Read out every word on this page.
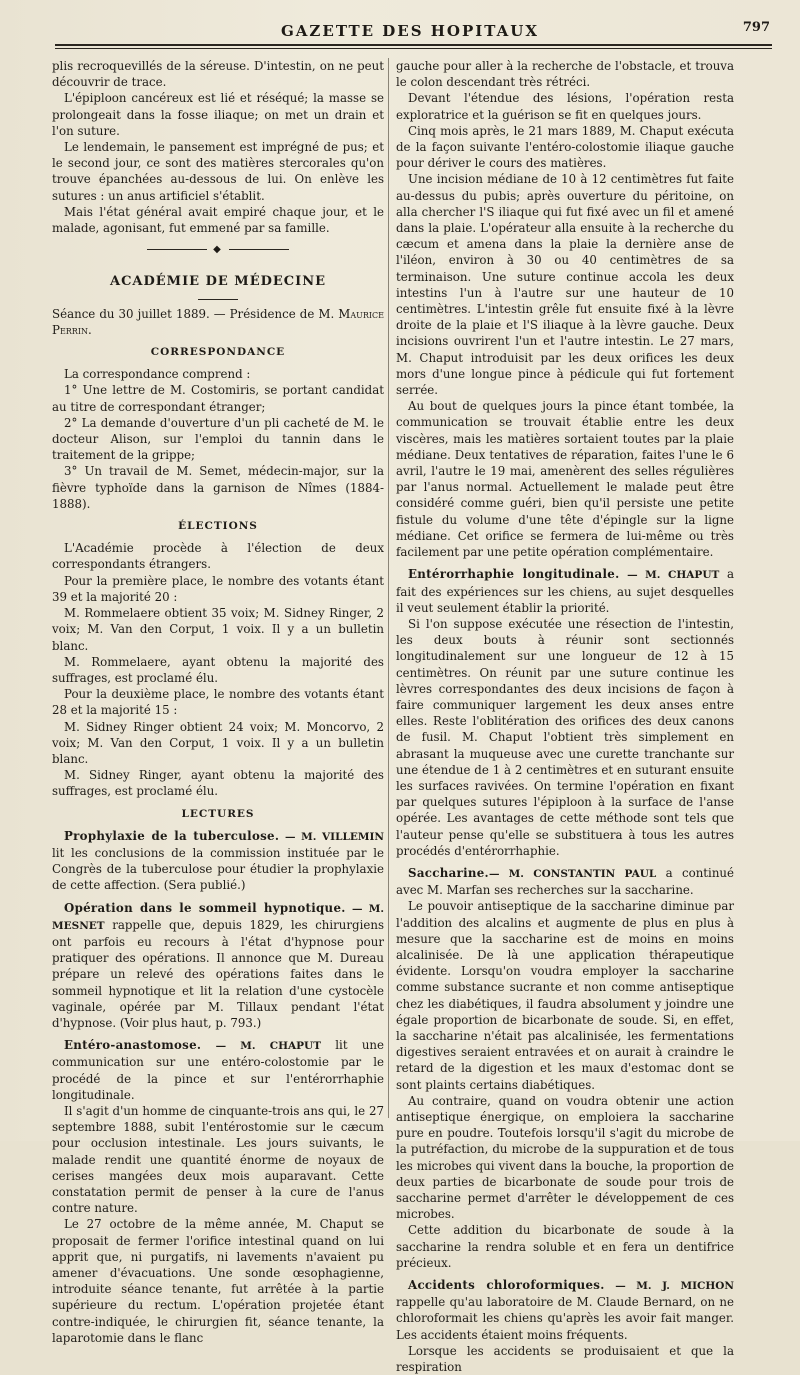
GAZETTE DES HOPITAUX	797

plis recroquevillés de la séreuse. D'intestin, on ne peut découvrir de trace.

L'épiploon cancéreux est lié et réséqué; la masse se prolongeait dans la fosse iliaque; on met un drain et l'on suture.

Le lendemain, le pansement est imprégné de pus; et le second jour, ce sont des matières stercorales qu'on trouve épanchées au-dessous de lui. On enlève les sutures : un anus artificiel s'établit.

Mais l'état général avait empiré chaque jour, et le malade, agonisant, fut emmené par sa famille.

◆
ACADÉMIE DE MÉDECINE

Séance du 30 juillet 1889. — Présidence de M. Maurice Perrin.

CORRESPONDANCE

La correspondance comprend :

1° Une lettre de M. Costomiris, se portant candidat au titre de correspondant étranger;

2° La demande d'ouverture d'un pli cacheté de M. le docteur Alison, sur l'emploi du tannin dans le traitement de la grippe;

3° Un travail de M. Semet, médecin-major, sur la fièvre typhoïde dans la garnison de Nîmes (1884-1888).

ÉLECTIONS

L'Académie procède à l'élection de deux correspondants étrangers.

Pour la première place, le nombre des votants étant 39 et la majorité 20 :

M. Rommelaere obtient 35 voix; M. Sidney Ringer, 2 voix; M. Van den Corput, 1 voix. Il y a un bulletin blanc.

M. Rommelaere, ayant obtenu la majorité des suffrages, est proclamé élu.

Pour la deuxième place, le nombre des votants étant 28 et la majorité 15 :

M. Sidney Ringer obtient 24 voix; M. Moncorvo, 2 voix; M. Van den Corput, 1 voix. Il y a un bulletin blanc.

M. Sidney Ringer, ayant obtenu la majorité des suffrages, est proclamé élu.

LECTURES

Prophylaxie de la tuberculose. — M. VILLEMIN lit les conclusions de la commission instituée par le Congrès de la tuberculose pour étudier la prophylaxie de cette affection. (Sera publié.)

Opération dans le sommeil hypnotique. — M. MESNET rappelle que, depuis 1829, les chirurgiens ont parfois eu recours à l'état d'hypnose pour pratiquer des opérations. Il annonce que M. Dureau prépare un relevé des opérations faites dans le sommeil hypnotique et lit la relation d'une cystocèle vaginale, opérée par M. Tillaux pendant l'état d'hypnose. (Voir plus haut, p. 793.)

Entéro-anastomose. — M. CHAPUT lit une communication sur une entéro-colostomie par le procédé de la pince et sur l'entérorrhaphie longitudinale.

Il s'agit d'un homme de cinquante-trois ans qui, le 27 septembre 1888, subit l'entérostomie sur le cæcum pour occlusion intestinale. Les jours suivants, le malade rendit une quantité énorme de noyaux de cerises mangées deux mois auparavant. Cette constatation permit de penser à la cure de l'anus contre nature.

Le 27 octobre de la même année, M. Chaput se proposait de fermer l'orifice intestinal quand on lui apprit que, ni purgatifs, ni lavements n'avaient pu amener d'évacuations. Une sonde œsophagienne, introduite séance tenante, fut arrêtée à la partie supérieure du rectum. L'opération projetée étant contre-indiquée, le chirurgien fit, séance tenante, la laparotomie dans le flanc

gauche pour aller à la recherche de l'obstacle, et trouva le colon descendant très rétréci.

Devant l'étendue des lésions, l'opération resta exploratrice et la guérison se fit en quelques jours.

Cinq mois après, le 21 mars 1889, M. Chaput exécuta de la façon suivante l'entéro-colostomie iliaque gauche pour dériver le cours des matières.

Une incision médiane de 10 à 12 centimètres fut faite au-dessus du pubis; après ouverture du péritoine, on alla chercher l'S iliaque qui fut fixé avec un fil et amené dans la plaie. L'opérateur alla ensuite à la recherche du cæcum et amena dans la plaie la dernière anse de l'iléon, environ à 30 ou 40 centimètres de sa terminaison. Une suture continue accola les deux intestins l'un à l'autre sur une hauteur de 10 centimètres. L'intestin grêle fut ensuite fixé à la lèvre droite de la plaie et l'S iliaque à la lèvre gauche. Deux incisions ouvrirent l'un et l'autre intestin. Le 27 mars, M. Chaput introduisit par les deux orifices les deux mors d'une longue pince à pédicule qui fut fortement serrée.

Au bout de quelques jours la pince étant tombée, la communication se trouvait établie entre les deux viscères, mais les matières sortaient toutes par la plaie médiane. Deux tentatives de réparation, faites l'une le 6 avril, l'autre le 19 mai, amenèrent des selles régulières par l'anus normal. Actuellement le malade peut être considéré comme guéri, bien qu'il persiste une petite fistule du volume d'une tête d'épingle sur la ligne médiane. Cet orifice se fermera de lui-même ou très facilement par une petite opération complémentaire.

Entérorrhaphie longitudinale. — M. CHAPUT a fait des expériences sur les chiens, au sujet desquelles il veut seulement établir la priorité.

Si l'on suppose exécutée une résection de l'intestin, les deux bouts à réunir sont sectionnés longitudinalement sur une longueur de 12 à 15 centimètres. On réunit par une suture continue les lèvres correspondantes des deux incisions de façon à faire communiquer largement les deux anses entre elles. Reste l'oblitération des orifices des deux canons de fusil. M. Chaput l'obtient très simplement en abrasant la muqueuse avec une curette tranchante sur une étendue de 1 à 2 centimètres et en suturant ensuite les surfaces ravivées. On termine l'opération en fixant par quelques sutures l'épiploon à la surface de l'anse opérée. Les avantages de cette méthode sont tels que l'auteur pense qu'elle se substituera à tous les autres procédés d'entérorrhaphie.

Saccharine.— M. CONSTANTIN PAUL a continué avec M. Marfan ses recherches sur la saccharine.

Le pouvoir antiseptique de la saccharine diminue par l'addition des alcalins et augmente de plus en plus à mesure que la saccharine est de moins en moins alcalinisée. De là une application thérapeutique évidente. Lorsqu'on voudra employer la saccharine comme substance sucrante et non comme antiseptique chez les diabétiques, il faudra absolument y joindre une égale proportion de bicarbonate de soude. Si, en effet, la saccharine n'était pas alcalinisée, les fermentations digestives seraient entravées et on aurait à craindre le retard de la digestion et les maux d'estomac dont se sont plaints certains diabétiques.

Au contraire, quand on voudra obtenir une action antiseptique énergique, on emploiera la saccharine pure en poudre. Toutefois lorsqu'il s'agit du microbe de la putréfaction, du microbe de la suppuration et de tous les microbes qui vivent dans la bouche, la proportion de deux parties de bicarbonate de soude pour trois de saccharine permet d'arrêter le développement de ces microbes.

Cette addition du bicarbonate de soude à la saccharine la rendra soluble et en fera un dentifrice précieux.

Accidents chloroformiques. — M. J. MICHON rappelle qu'au laboratoire de M. Claude Bernard, on ne chloroformait les chiens qu'après les avoir fait manger. Les accidents étaient moins fréquents.

Lorsque les accidents se produisaient et que la respiration
